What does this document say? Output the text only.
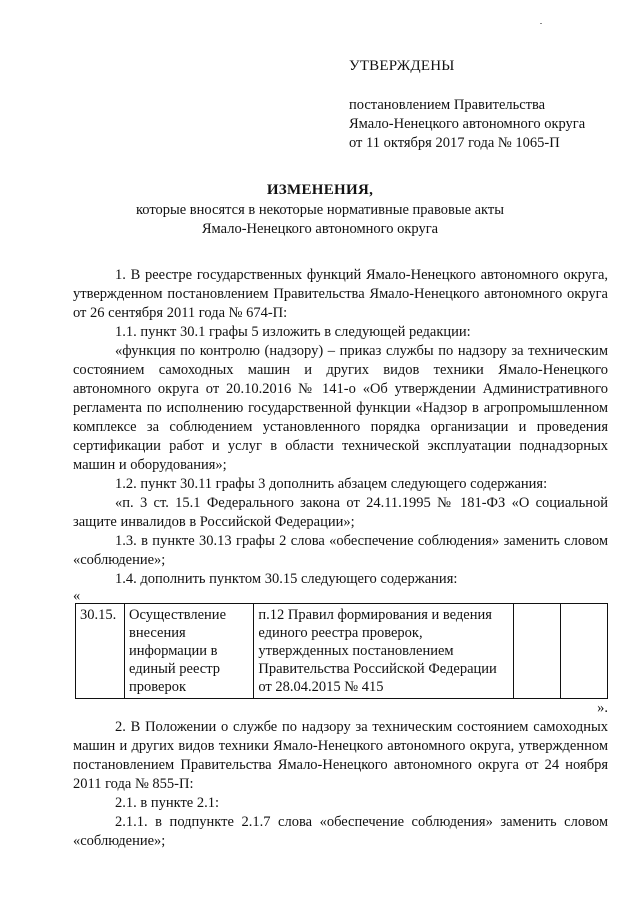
УТВЕРЖДЕНЫ
постановлением Правительства
Ямало-Ненецкого автономного округа
от 11 октября 2017 года № 1065-П
ИЗМЕНЕНИЯ,
которые вносятся в некоторые нормативные правовые акты
Ямало-Ненецкого автономного округа

1. В реестре государственных функций Ямало-Ненецкого автономного округа, утвержденном постановлением Правительства Ямало-Ненецкого автономного округа от 26 сентября 2011 года № 674-П:

1.1. пункт 30.1 графы 5 изложить в следующей редакции:

«функция по контролю (надзору) – приказ службы по надзору за техническим состоянием самоходных машин и других видов техники Ямало-Ненецкого автономного округа от 20.10.2016 № 141-о «Об утверждении Административного регламента по исполнению государственной функции «Надзор в агропромышленном комплексе за соблюдением установленного порядка организации и проведения сертификации работ и услуг в области технической эксплуатации поднадзорных машин и оборудования»;

1.2. пункт 30.11 графы 3 дополнить абзацем следующего содержания:

«п. 3 ст. 15.1 Федерального закона от 24.11.1995 № 181-ФЗ «О социальной защите инвалидов в Российской Федерации»;

1.3. в пункте 30.13 графы 2 слова «обеспечение соблюдения» заменить словом «соблюдение»;

1.4. дополнить пунктом 30.15 следующего содержания:

«

30.15.	Осуществление внесения информации в единый реестр проверок	п.12 Правил формирования и ведения единого реестра проверок, утвержденных постановлением Правительства Российской Федерации от 28.04.2015 № 415		

».

2. В Положении о службе по надзору за техническим состоянием самоходных машин и других видов техники Ямало-Ненецкого автономного округа, утвержденном постановлением Правительства Ямало-Ненецкого автономного округа от 24 ноября 2011 года № 855-П:

2.1. в пункте 2.1:

2.1.1. в подпункте 2.1.7 слова «обеспечение соблюдения» заменить словом «соблюдение»;
